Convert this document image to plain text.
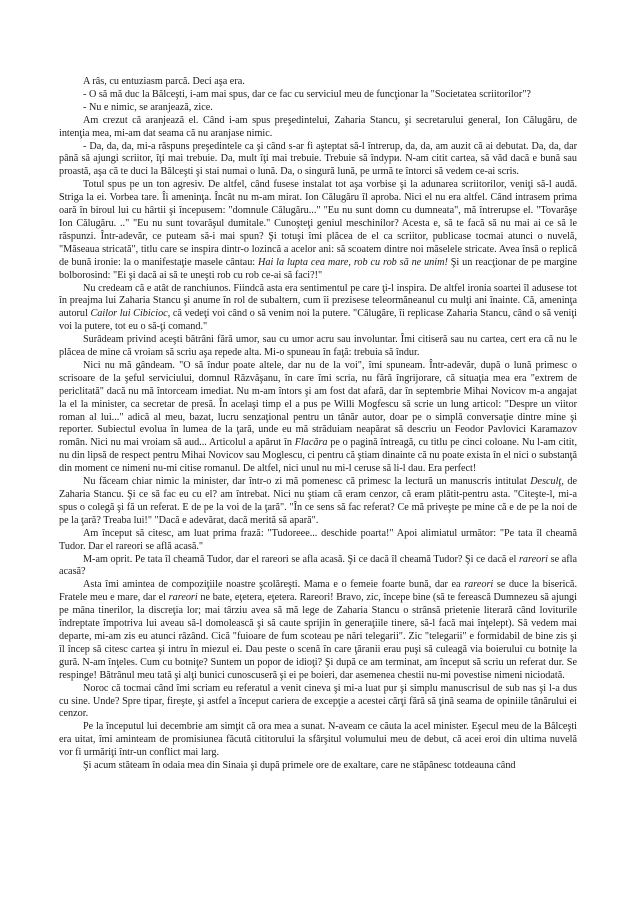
A râs, cu entuziasm parcă. Deci aşa era.

- O să mă duc la Bălceşti, i-am mai spus, dar ce fac cu serviciul meu de funcţionar la "Societatea scriitorilor"?

- Nu e nimic, se aranjează, zice.

Am crezut că aranjează el. Când i-am spus preşedintelui, Zaharia Stancu, şi secretarului general, Ion Călugăru, de intenţia mea, mi-am dat seama că nu aranjase nimic.

- Da, da, da, mi-a răspuns preşedintele ca şi când s-ar fi aşteptat să-l întrerup, da, da, am auzit că ai debutat. Da, da, dar până să ajungi scriitor, îţi mai trebuie. Da, mult îţi mai trebuie. Trebuie să îndури. N-am citit cartea, să văd dacă e bună sau proastă, aşa că te duci la Bălceşti şi stai numai o lună. Da, o singură lună, pe urmă te întorci să vedem ce-ai scris.

Totul spus pe un ton agresiv. De altfel, când fusese instalat tot aşa vorbise şi la adunarea scriitorilor, veniţi să-l audă. Striga la ei. Vorbea tare. Îi ameninţa. Încât nu m-am mirat. Ion Călugăru îl aproba. Nici el nu era altfel. Când intrasem prima oară în biroul lui cu hârtii şi începusem: "domnule Călugăru..." "Eu nu sunt domn cu dumneata", mă întrerupse el. "Tovarăşe Ion Călugăru. .." "Eu nu sunt tovarăşul dumitale." Cunoşteţi geniul meschinilor? Acesta e, să te facă să nu mai ai ce să le răspunzi. Într-adevăr, ce puteam să-i mai spun? Şi totuşi îmi plăcea de el ca scriitor, publicase tocmai atunci o nuvelă, "Măseaua stricată", titlu care se inspira dintr-o lozincă a acelor ani: să scoatem dintre noi măselele stricate. Avea însă o replică de bună ironie: la o manifestaţie masele cântau: Hai la lupta cea mare, rob cu rob să ne unim! Şi un reacţionar de pe margine bolborosind: "Ei şi dacă ai să te uneşti rob cu rob ce-ai să faci?!"

Nu credeam că e atât de ranchiunos. Fiindcă asta era sentimentul pe care ţi-l inspira. De altfel ironia soartei îl adusese tot în preajma lui Zaharia Stancu şi anume în rol de subaltern, cum îi prezisese teleormăneanul cu mulţi ani înainte. Că, ameninţa autorul Cailor lui Cibicioc, că vedeţi voi când o să venim noi la putere. "Călugăre, îi replicase Zaharia Stancu, când o să veniţi voi la putere, tot eu o să-ţi comand."

Surâdeam privind aceşti bătrâni fără umor, sau cu umor acru sau involuntar. Îmi citiseră sau nu cartea, cert era că nu le plăcea de mine că vroiam să scriu aşa repede alta. Mi-o spuneau în faţă: trebuia să îndur.

Nici nu mă gândeam. "O să îndur poate altele, dar nu de la voi", îmi spuneam. Într-adevăr, după o lună primesc o scrisoare de la şeful serviciului, domnul Răzvăşanu, în care îmi scria, nu fără îngrijorare, că situaţia mea era "extrem de periclitată" dacă nu mă întorceam imediat. Nu m-am întors şi am fost dat afară, dar în septembrie Mihai Novicov m-a angajat la el la minister, ca secretar de presă. În acelaşi timp el a pus pe Willi Mogfescu să scrie un lung articol: "Despre un viitor roman al lui..." adică al meu, bazat, lucru senzaţional pentru un tânăr autor, doar pe o simplă conversaţie dintre mine şi reporter. Subiectul evolua în lumea de la ţară, unde eu mă străduiam neapărat să descriu un Feodor Pavlovici Karamazov român. Nici nu mai vroiam să aud... Articolul a apărut în Flacăra pe o pagină întreagă, cu titlu pe cinci coloane. Nu l-am citit, nu din lipsă de respect pentru Mihai Novicov sau Moglescu, ci pentru că ştiam dinainte că nu poate exista în el nici o substanţă din moment ce nimeni nu-mi citise romanul. De altfel, nici unul nu mi-l ceruse să li-l dau. Era perfect!

Nu făceam chiar nimic la minister, dar într-o zi mă pomenesc că primesc la lectură un manuscris intitulat Desculţ, de Zaharia Stancu. Şi ce să fac eu cu el? am întrebat. Nici nu ştiam că eram cenzor, că eram plătit-pentru asta. "Citeşte-l, mi-a spus o colegă şi fă un referat. E de pe la voi de la ţară". "În ce sens să fac referat? Ce mă priveşte pe mine că e de pe la noi de pe la ţară? Treaba lui!" "Dacă e adevărat, dacă merită să apară".

Am început să citesc, am luat prima frază: "Tudoreee... deschide poarta!" Apoi alimiatul următor: "Pe tata îl cheamă Tudor. Dar el rareori se află acasă."

M-am oprit. Pe tata îl cheamă Tudor, dar el rareori se afla acasă. Şi ce dacă îl cheamă Tudor? Şi ce dacă el rareori se afla acasă?

Asta îmi amintea de compoziţiile noastre şcolăreşti. Mama e o femeie foarte bună, dar ea rareori se duce la biserică. Fratele meu e mare, dar el rareori ne bate, eţetera, eţetera. Rareori! Bravo, zic, începe bine (să te ferească Dumnezeu să ajungi pe mâna tinerilor, la discreţia lor; mai târziu avea să mă lege de Zaharia Stancu o strânsă prietenie literară când loviturile îndreptate împotriva lui aveau să-l domolească şi să caute sprijin în generaţiile tinere, să-l facă mai înţelept). Să vedem mai departe, mi-am zis eu atunci râzând. Cică "fuioare de fum scoteau pe nări telegarii". Zic "telegarii" e formidabil de bine zis şi îl încep să citesc cartea şi intru în miezul ei. Dau peste o scenă în care ţăranii erau puşi să culeagă via boierului cu botniţe la gură. N-am înţeles. Cum cu botniţe? Suntem un popor de idioţi? Şi după ce am terminat, am început să scriu un referat dur. Se respinge! Bătrânul meu tată şi alţi bunici cunoscuseră şi ei pe boieri, dar asemenea chestii nu-mi povestise nimeni niciodată.

Noroc că tocmai când îmi scriam eu referatul a venit cineva şi mi-a luat pur şi simplu manuscrisul de sub nas şi l-a dus cu sine. Unde? Spre tipar, fireşte, şi astfel a început cariera de excepţie a acestei cărţi fără să ţină seama de opiniile tânărului ei cenzor.

Pe la începutul lui decembrie am simţit că ora mea a sunat. N-aveam ce căuta la acel minister. Eşecul meu de la Bălceşti era uitat, îmi aminteam de promisiunea făcută cititorului la sfârşitul volumului meu de debut, că acei eroi din ultima nuvelă vor fi urmăriţi într-un conflict mai larg.

Şi acum stăteam în odaia mea din Sinaia şi după primele ore de exaltare, care ne stăpânesc totdeauna când
